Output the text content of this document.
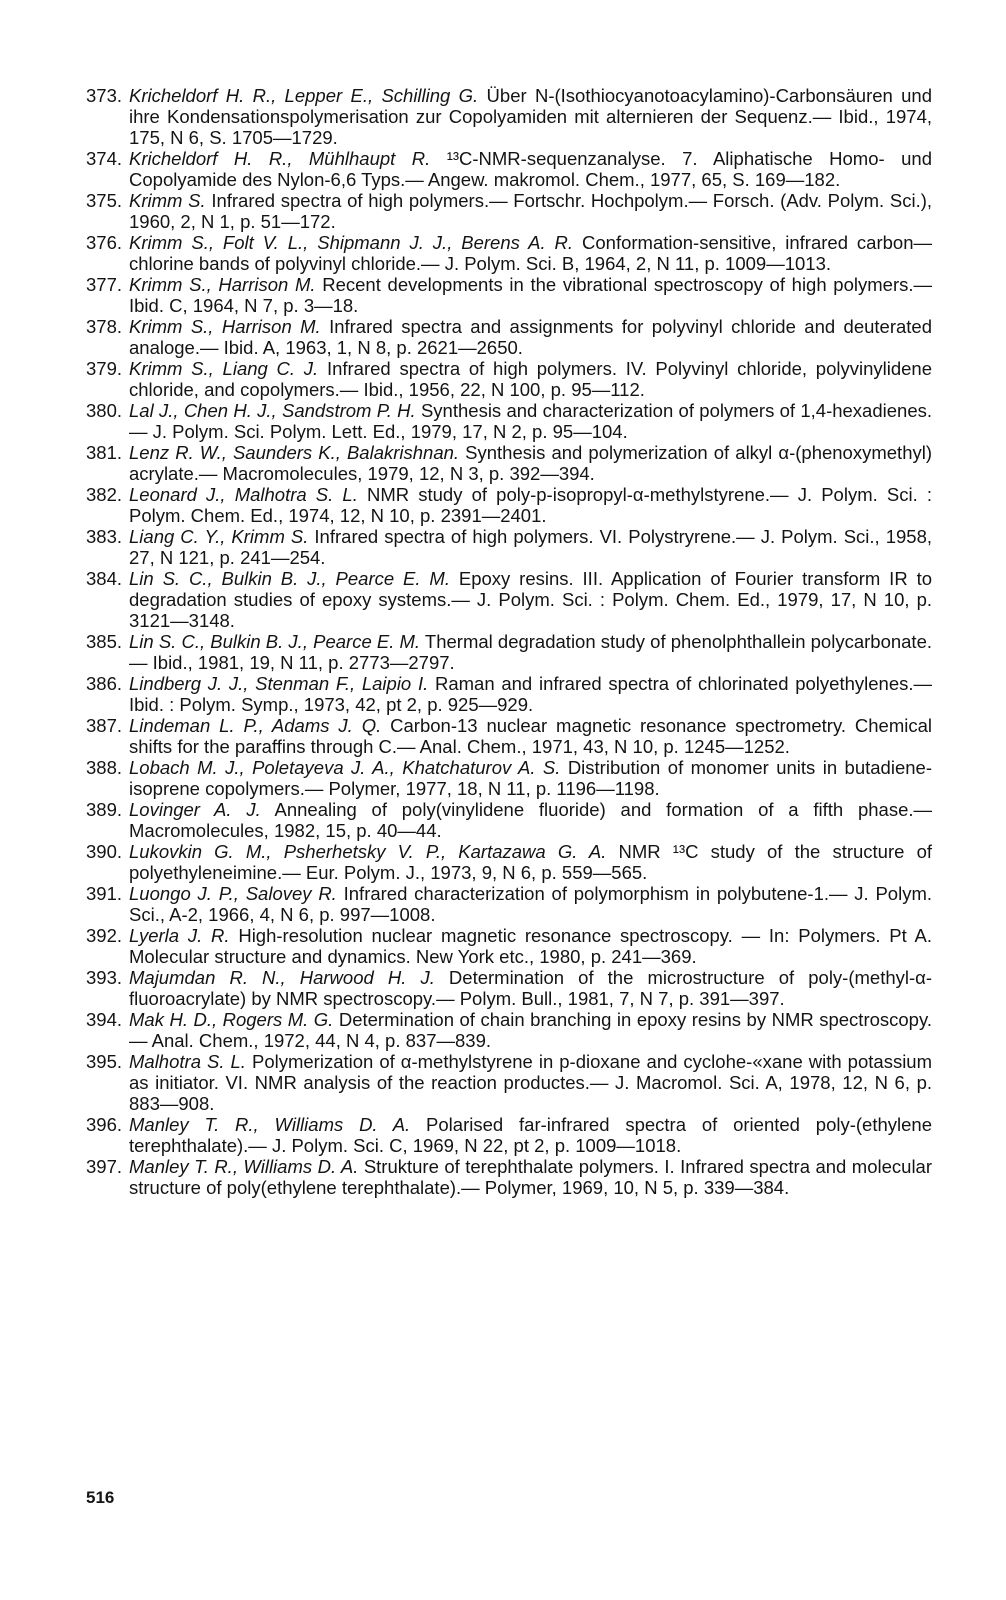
373. Kricheldorf H. R., Lepper E., Schilling G. Über N-(Isothiocyanotoacylamino)-Carbonsäuren und ihre Kondensationspolymerisation zur Copolyamiden mit alternieren der Sequenz.— Ibid., 1974, 175, N 6, S. 1705—1729.
374. Kricheldorf H. R., Mühlhaupt R. ¹³C-NMR-sequenzanalyse. 7. Aliphatische Homo- und Copolyamide des Nylon-6,6 Typs.— Angew. makromol. Chem., 1977, 65, S. 169—182.
375. Krimm S. Infrared spectra of high polymers.— Fortschr. Hochpolym.— Forsch. (Adv. Polym. Sci.), 1960, 2, N 1, p. 51—172.
376. Krimm S., Folt V. L., Shipmann J. J., Berens A. R. Conformation-sensitive, infrared carbon—chlorine bands of polyvinyl chloride.— J. Polym. Sci. B, 1964, 2, N 11, p. 1009—1013.
377. Krimm S., Harrison M. Recent developments in the vibrational spectroscopy of high polymers.— Ibid. C, 1964, N 7, p. 3—18.
378. Krimm S., Harrison M. Infrared spectra and assignments for polyvinyl chloride and deuterated analoge.— Ibid. A, 1963, 1, N 8, p. 2621—2650.
379. Krimm S., Liang C. J. Infrared spectra of high polymers. IV. Polyvinyl chloride, polyvinylidene chloride, and copolymers.— Ibid., 1956, 22, N 100, p. 95—112.
380. Lal J., Chen H. J., Sandstrom P. H. Synthesis and characterization of polymers of 1,4-hexadienes.— J. Polym. Sci. Polym. Lett. Ed., 1979, 17, N 2, p. 95—104.
381. Lenz R. W., Saunders K., Balakrishnan. Synthesis and polymerization of alkyl α-(phenoxymethyl) acrylate.— Macromolecules, 1979, 12, N 3, p. 392—394.
382. Leonard J., Malhotra S. L. NMR study of poly-p-isopropyl-α-methylstyrene.— J. Polym. Sci. : Polym. Chem. Ed., 1974, 12, N 10, p. 2391—2401.
383. Liang C. Y., Krimm S. Infrared spectra of high polymers. VI. Polystryrene.— J. Polym. Sci., 1958, 27, N 121, p. 241—254.
384. Lin S. C., Bulkin B. J., Pearce E. M. Epoxy resins. III. Application of Fourier transform IR to degradation studies of epoxy systems.— J. Polym. Sci. : Polym. Chem. Ed., 1979, 17, N 10, p. 3121—3148.
385. Lin S. C., Bulkin B. J., Pearce E. M. Thermal degradation study of phenolphthallein polycarbonate.— Ibid., 1981, 19, N 11, p. 2773—2797.
386. Lindberg J. J., Stenman F., Laipio I. Raman and infrared spectra of chlorinated polyethylenes.— Ibid. : Polym. Symp., 1973, 42, pt 2, p. 925—929.
387. Lindeman L. P., Adams J. Q. Carbon-13 nuclear magnetic resonance spectrometry. Chemical shifts for the paraffins through C.— Anal. Chem., 1971, 43, N 10, p. 1245—1252.
388. Lobach M. J., Poletayeva J. A., Khatchaturov A. S. Distribution of monomer units in butadiene-isoprene copolymers.— Polymer, 1977, 18, N 11, p. 1196—1198.
389. Lovinger A. J. Annealing of poly(vinylidene fluoride) and formation of a fifth phase.— Macromolecules, 1982, 15, p. 40—44.
390. Lukovkin G. M., Psherhetsky V. P., Kartazawa G. A. NMR ¹³C study of the structure of polyethyleneimine.— Eur. Polym. J., 1973, 9, N 6, p. 559—565.
391. Luongo J. P., Salovey R. Infrared characterization of polymorphism in polybutene-1.— J. Polym. Sci., A-2, 1966, 4, N 6, p. 997—1008.
392. Lyerla J. R. High-resolution nuclear magnetic resonance spectroscopy. — In: Polymers. Pt A. Molecular structure and dynamics. New York etc., 1980, p. 241—369.
393. Majumdan R. N., Harwood H. J. Determination of the microstructure of poly-(methyl-α-fluoroacrylate) by NMR spectroscopy.— Polym. Bull., 1981, 7, N 7, p. 391—397.
394. Mak H. D., Rogers M. G. Determination of chain branching in epoxy resins by NMR spectroscopy.— Anal. Chem., 1972, 44, N 4, p. 837—839.
395. Malhotra S. L. Polymerization of α-methylstyrene in p-dioxane and cyclohe-«xane with potassium as initiator. VI. NMR analysis of the reaction productes.— J. Macromol. Sci. A, 1978, 12, N 6, p. 883—908.
396. Manley T. R., Williams D. A. Polarised far-infrared spectra of oriented poly-(ethylene terephthalate).— J. Polym. Sci. C, 1969, N 22, pt 2, p. 1009—1018.
397. Manley T. R., Williams D. A. Strukture of terephthalate polymers. I. Infrared spectra and molecular structure of poly(ethylene terephthalate).— Polymer, 1969, 10, N 5, p. 339—384.
516
